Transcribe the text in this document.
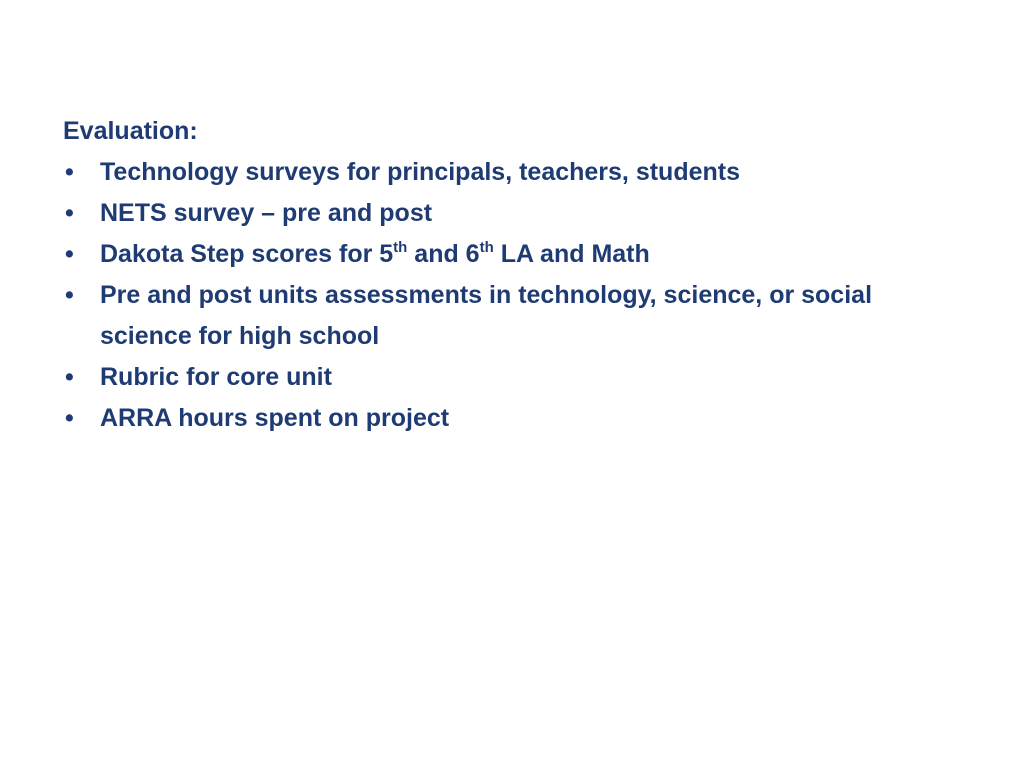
Evaluation:
•	Technology surveys for principals, teachers, students
•	NETS survey – pre and post
•	Dakota Step scores for 5th and 6th LA and Math
•	Pre and post units assessments in technology, science, or social science for high school
•	Rubric for core unit
•	ARRA hours spent on project
